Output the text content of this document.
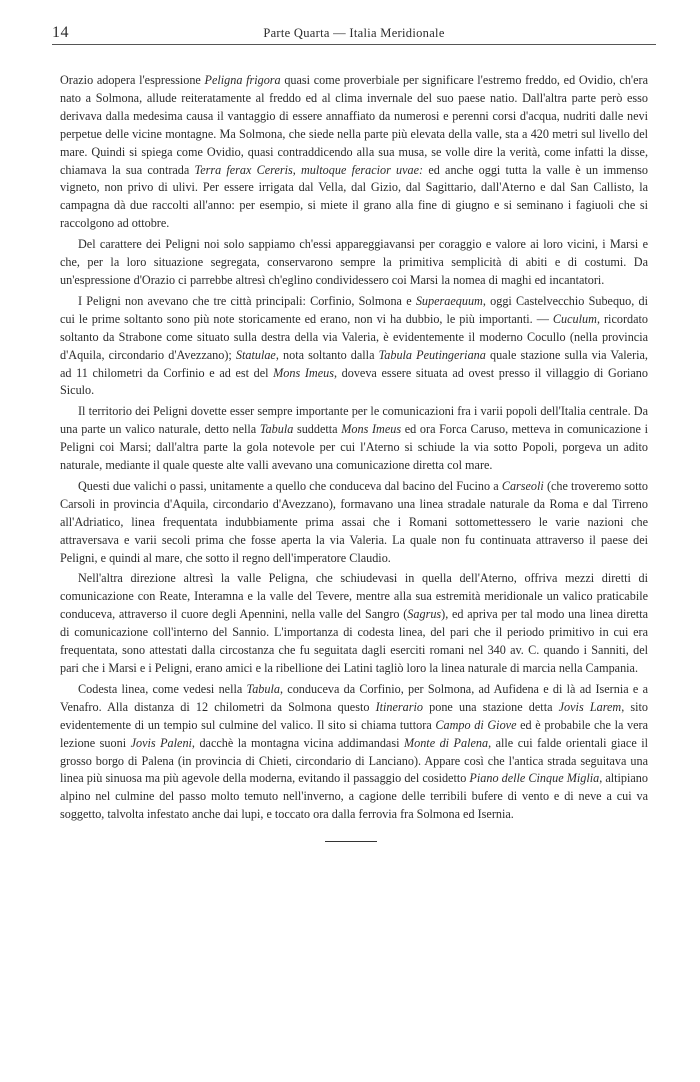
14	Parte Quarta — Italia Meridionale

Orazio adopera l'espressione Peligna frigora quasi come proverbiale per significare l'estremo freddo, ed Ovidio, ch'era nato a Solmona, allude reiteratamente al freddo ed al clima invernale del suo paese natio. Dall'altra parte però esso derivava dalla medesima causa il vantaggio di essere annaffiato da numerosi e perenni corsi d'acqua, nudriti dalle nevi perpetue delle vicine montagne. Ma Solmona, che siede nella parte più elevata della valle, sta a 420 metri sul livello del mare. Quindi si spiega come Ovidio, quasi contraddicendo alla sua musa, se volle dire la verità, come infatti la disse, chiamava la sua contrada Terra ferax Cereris, multoque feracior uvae: ed anche oggi tutta la valle è un immenso vigneto, non privo di ulivi. Per essere irrigata dal Vella, dal Gizio, dal Sagittario, dall'Aterno e dal San Callisto, la campagna dà due raccolti all'anno: per esempio, si miete il grano alla fine di giugno e si seminano i fagiuoli che si raccolgono ad ottobre.

Del carattere dei Peligni noi solo sappiamo ch'essi appareggiavansi per coraggio e valore ai loro vicini, i Marsi e che, per la loro situazione segregata, conservarono sempre la primitiva semplicità di abiti e di costumi. Da un'espressione d'Orazio ci parrebbe altresì ch'eglino condividessero coi Marsi la nomea di maghi ed incantatori.

I Peligni non avevano che tre città principali: Corfinio, Solmona e Superaequum, oggi Castelvecchio Subequo, di cui le prime soltanto sono più note storicamente ed erano, non vi ha dubbio, le più importanti. — Cuculum, ricordato soltanto da Strabone come situato sulla destra della via Valeria, è evidentemente il moderno Cocullo (nella provincia d'Aquila, circondario d'Avezzano); Statulae, nota soltanto dalla Tabula Peutingeriana quale stazione sulla via Valeria, ad 11 chilometri da Corfinio e ad est del Mons Imeus, doveva essere situata ad ovest presso il villaggio di Goriano Siculo.

Il territorio dei Peligni dovette esser sempre importante per le comunicazioni fra i varii popoli dell'Italia centrale. Da una parte un valico naturale, detto nella Tabula suddetta Mons Imeus ed ora Forca Caruso, metteva in comunicazione i Peligni coi Marsi; dall'altra parte la gola notevole per cui l'Aterno si schiude la via sotto Popoli, porgeva un adito naturale, mediante il quale queste alte valli avevano una comunicazione diretta col mare.

Questi due valichi o passi, unitamente a quello che conduceva dal bacino del Fucino a Carseoli (che troveremo sotto Carsoli in provincia d'Aquila, circondario d'Avezzano), formavano una linea stradale naturale da Roma e dal Tirreno all'Adriatico, linea frequentata indubbiamente prima assai che i Romani sottomettessero le varie nazioni che attraversava e varii secoli prima che fosse aperta la via Valeria. La quale non fu continuata attraverso il paese dei Peligni, e quindi al mare, che sotto il regno dell'imperatore Claudio.

Nell'altra direzione altresì la valle Peligna, che schiudevasi in quella dell'Aterno, offriva mezzi diretti di comunicazione con Reate, Interamna e la valle del Tevere, mentre alla sua estremità meridionale un valico praticabile conduceva, attraverso il cuore degli Apennini, nella valle del Sangro (Sagrus), ed apriva per tal modo una linea diretta di comunicazione coll'interno del Sannio. L'importanza di codesta linea, del pari che il periodo primitivo in cui era frequentata, sono attestati dalla circostanza che fu seguitata dagli eserciti romani nel 340 av. C. quando i Sanniti, del pari che i Marsi e i Peligni, erano amici e la ribellione dei Latini tagliò loro la linea naturale di marcia nella Campania.

Codesta linea, come vedesi nella Tabula, conduceva da Corfinio, per Solmona, ad Aufidena e di là ad Isernia e a Venafro. Alla distanza di 12 chilometri da Solmona questo Itinerario pone una stazione detta Jovis Larem, sito evidentemente di un tempio sul culmine del valico. Il sito si chiama tuttora Campo di Giove ed è probabile che la vera lezione suoni Jovis Paleni, dacchè la montagna vicina addimandasi Monte di Palena, alle cui falde orientali giace il grosso borgo di Palena (in provincia di Chieti, circondario di Lanciano). Appare così che l'antica strada seguitava una linea più sinuosa ma più agevole della moderna, evitando il passaggio del cosidetto Piano delle Cinque Miglia, altipiano alpino nel culmine del passo molto temuto nell'inverno, a cagione delle terribili bufere di vento e di neve a cui va soggetto, talvolta infestato anche dai lupi, e toccato ora dalla ferrovia fra Solmona ed Isernia.
